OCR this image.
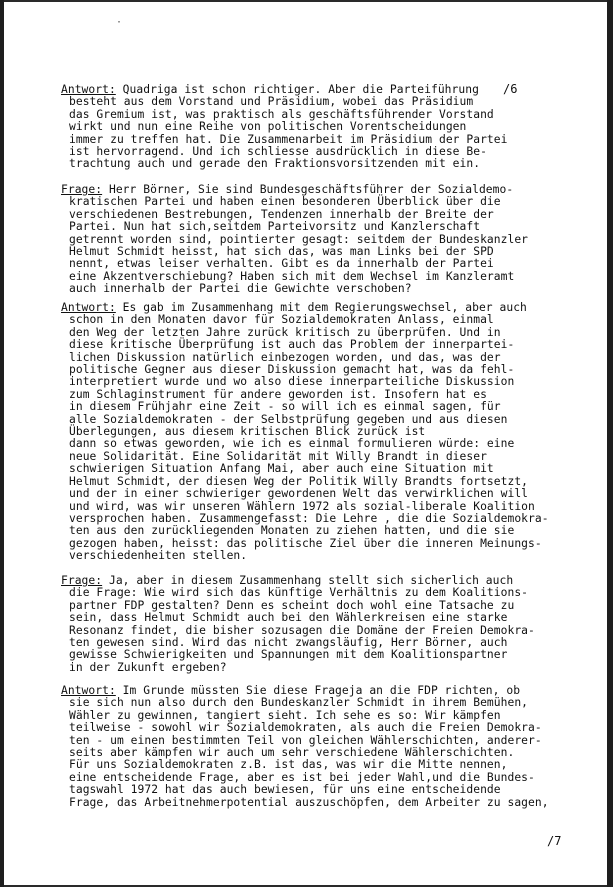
·
/6
Antwort: Quadriga ist schon richtiger. Aber die Parteiführung
besteht aus dem Vorstand und Präsidium, wobei das Präsidium
das Gremium ist, was praktisch als geschäftsführender Vorstand
wirkt und nun eine Reihe von politischen Vorentscheidungen
immer zu treffen hat. Die Zusammenarbeit im Präsidium der Partei
ist hervorragend. Und ich schliesse ausdrücklich in diese Be-
trachtung auch und gerade den Fraktionsvorsitzenden mit ein.
Frage: Herr Börner, Sie sind Bundesgeschäftsführer der Sozialdemo-
kratischen Partei und haben einen besonderen Überblick über die
verschiedenen Bestrebungen, Tendenzen innerhalb der Breite der
Partei. Nun hat sich,seitdem Parteivorsitz und Kanzlerschaft
getrennt worden sind, pointierter gesagt: seitdem der Bundeskanzler
Helmut Schmidt heisst, hat sich das, was man Links bei der SPD
nennt, etwas leiser verhalten. Gibt es da innerhalb der Partei
eine Akzentverschiebung? Haben sich mit dem Wechsel im Kanzleramt
auch innerhalb der Partei die Gewichte verschoben?
Antwort: Es gab im Zusammenhang mit dem Regierungswechsel, aber auch
schon in den Monaten davor für Sozialdemokraten Anlass, einmal
den Weg der letzten Jahre zurück kritisch zu überprüfen. Und in
diese kritische Überprüfung ist auch das Problem der innerpartei-
lichen Diskussion natürlich einbezogen worden, und das, was der
politische Gegner aus dieser Diskussion gemacht hat, was da fehl-
interpretiert wurde und wo also diese innerparteiliche Diskussion
zum Schlaginstrument für andere geworden ist. Insofern hat es
in diesem Frühjahr eine Zeit - so will ich es einmal sagen, für
alle Sozialdemokraten - der Selbstprüfung gegeben und aus diesen
Überlegungen, aus diesem kritischen Blick zurück ist
dann so etwas geworden, wie ich es einmal formulieren würde: eine
neue Solidarität. Eine Solidarität mit Willy Brandt in dieser
schwierigen Situation Anfang Mai, aber auch eine Situation mit
Helmut Schmidt, der diesen Weg der Politik Willy Brandts fortsetzt,
und der in einer schwieriger gewordenen Welt das verwirklichen will
und wird, was wir unseren Wählern 1972 als sozial-liberale Koalition
versprochen haben. Zusammengefasst: Die Lehre , die die Sozialdemokra-
ten aus den zurückliegenden Monaten zu ziehen hatten, und die sie
gezogen haben, heisst: das politische Ziel über die inneren Meinungs-
verschiedenheiten stellen.
Frage: Ja, aber in diesem Zusammenhang stellt sich sicherlich auch
die Frage: Wie wird sich das künftige Verhältnis zu dem Koalitions-
partner FDP gestalten? Denn es scheint doch wohl eine Tatsache zu
sein, dass Helmut Schmidt auch bei den Wählerkreisen eine starke
Resonanz findet, die bisher sozusagen die Domäne der Freien Demokra-
ten gewesen sind. Wird das nicht zwangsläufig, Herr Börner, auch
gewisse Schwierigkeiten und Spannungen mit dem Koalitionspartner
in der Zukunft ergeben?
Antwort: Im Grunde müssten Sie diese Frageja an die FDP richten, ob
sie sich nun also durch den Bundeskanzler Schmidt in ihrem Bemühen,
Wähler zu gewinnen, tangiert sieht. Ich sehe es so: Wir kämpfen
teilweise - sowohl wir Sozialdemokraten, als auch die Freien Demokra-
ten - um einen bestimmten Teil von gleichen Wählerschichten, anderer-
seits aber kämpfen wir auch um sehr verschiedene Wählerschichten.
Für uns Sozialdemokraten z.B. ist das, was wir die Mitte nennen,
eine entscheidende Frage, aber es ist bei jeder Wahl,und die Bundes-
tagswahl 1972 hat das auch bewiesen, für uns eine entscheidende
Frage, das Arbeitnehmerpotential auszuschöpfen, dem Arbeiter zu sagen,
/7
